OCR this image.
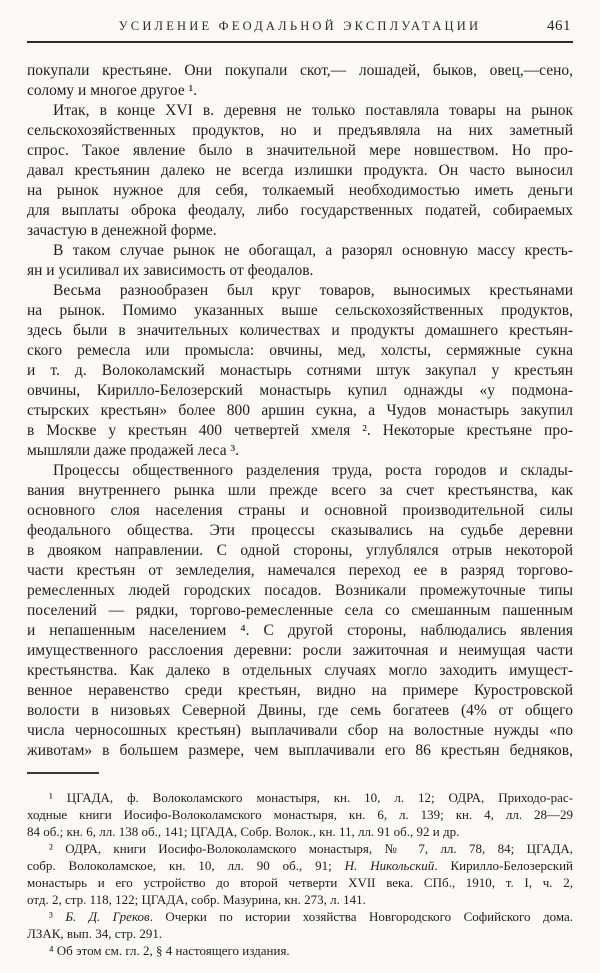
УСИЛЕНИЕ ФЕОДАЛЬНОЙ ЭКСПЛУАТАЦИИ	461
покупали крестьяне. Они покупали скот,— лошадей, быков, овец,—сено,
солому и многое другое ¹.
Итак, в конце XVI в. деревня не только поставляла товары на рынок
сельскохозяйственных продуктов, но и предъявляла на них заметный
спрос. Такое явление было в значительной мере новшеством. Но про-
давал крестьянин далеко не всегда излишки продукта. Он часто выносил
на рынок нужное для себя, толкаемый необходимостью иметь деньги
для выплаты оброка феодалу, либо государственных податей, собираемых
зачастую в денежной форме.
В таком случае рынок не обогащал, а разорял основную массу кресть-
ян и усиливал их зависимость от феодалов.
Весьма разнообразен был круг товаров, выносимых крестьянами
на рынок. Помимо указанных выше сельскохозяйственных продуктов,
здесь были в значительных количествах и продукты домашнего крестьян-
ского ремесла или промысла: овчины, мед, холсты, сермяжные сукна
и т. д. Волоколамский монастырь сотнями штук закупал у крестьян
овчины, Кирилло-Белозерский монастырь купил однажды «у подмона-
стырских крестьян» более 800 аршин сукна, а Чудов монастырь закупил
в Москве у крестьян 400 четвертей хмеля ². Некоторые крестьяне про-
мышляли даже продажей леса ³.
Процессы общественного разделения труда, роста городов и склады-
вания внутреннего рынка шли прежде всего за счет крестьянства, как
основного слоя населения страны и основной производительной силы
феодального общества. Эти процессы сказывались на судьбе деревни
в двояком направлении. С одной стороны, углублялся отрыв некоторой
части крестьян от земледелия, намечался переход ее в разряд торгово-
ремесленных людей городских посадов. Возникали промежуточные типы
поселений — рядки, торгово-ремесленные села со смешанным пашенным
и непашенным населением ⁴. С другой стороны, наблюдались явления
имущественного расслоения деревни: росли зажиточная и неимущая части
крестьянства. Как далеко в отдельных случаях могло заходить имущест-
венное неравенство среди крестьян, видно на примере Куростровской
волости в низовьях Северной Двины, где семь богатеев (4% от общего
числа черносошных крестьян) выплачивали сбор на волостные нужды «по
животам» в большем размере, чем выплачивали его 86 крестьян бедняков,
¹ ЦГАДА, ф. Волоколамского монастыря, кн. 10, л. 12; ОДРА, Приходо-рас-
ходные книги Иосифо-Волоколамского монастыря, кн. 6, л. 139; кн. 4, лл. 28—29
84 об.; кн. 6, лл. 138 об., 141; ЦГАДА, Собр. Волок., кн. 11, лл. 91 об., 92 и др.
² ОДРА, книги Иосифо-Волоколамского монастыря, № 7, лл. 78, 84; ЦГАДА,
собр. Волоколамское, кн. 10, лл. 90 об., 91; Н. Никольский. Кирилло-Белозерский
монастырь и его устройство до второй четверти XVII века. СПб., 1910, т. I, ч. 2,
отд. 2, стр. 118, 122; ЦГАДА, собр. Мазурина, кн. 273, л. 141.
³ Б. Д. Греков. Очерки по истории хозяйства Новгородского Софийского дома.
ЛЗАК, вып. 34, стр. 291.
⁴ Об этом см. гл. 2, § 4 настоящего издания.
